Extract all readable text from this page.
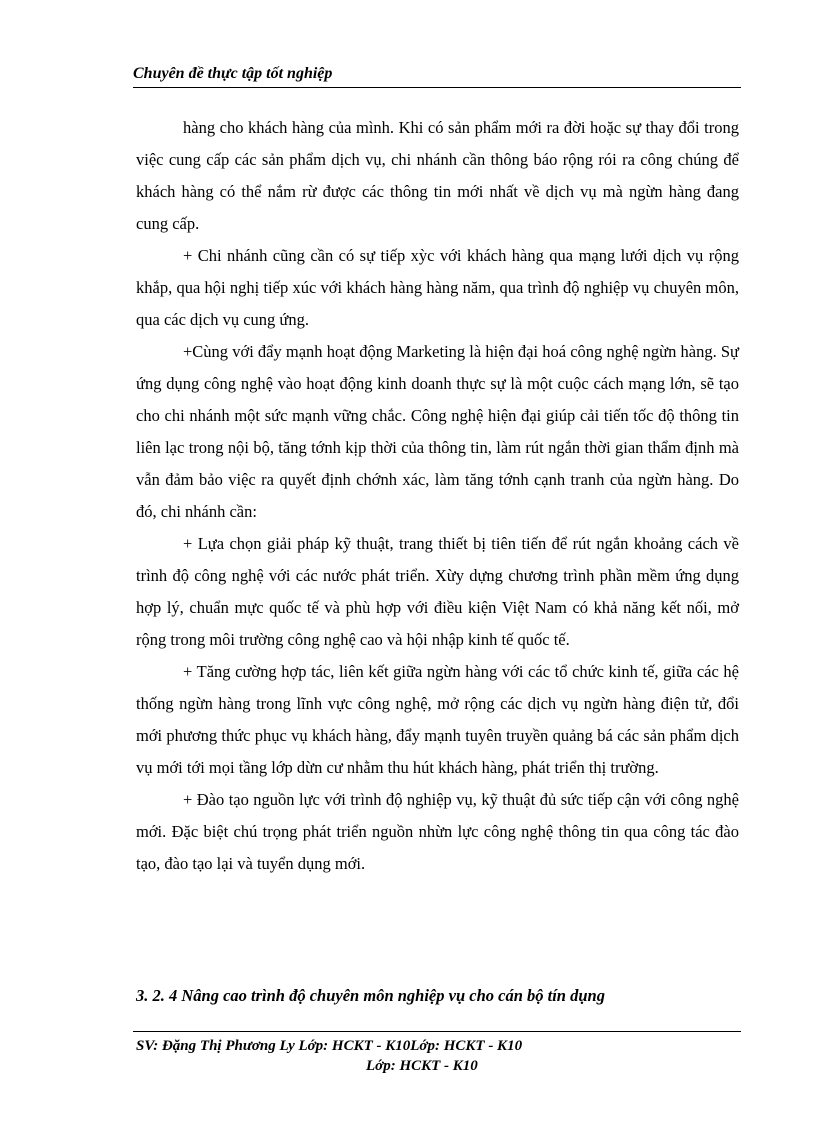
Chuyên đề thực tập tốt nghiệp

hàng cho khách hàng của mình. Khi có sản phẩm mới ra đời hoặc sự thay đổi trong việc cung cấp các sản phẩm dịch vụ, chi nhánh cần thông báo rộng rói ra công chúng để khách hàng có thể nắm rừ được các thông tin mới nhất về dịch vụ mà ngừn hàng đang cung cấp.

+ Chi nhánh cũng cần có sự tiếp xỳc với khách hàng qua mạng lưới dịch vụ rộng khắp, qua hội nghị tiếp xúc với khách hàng hàng năm, qua trình độ nghiệp vụ chuyên môn, qua các dịch vụ cung ứng.

+Cùng với đẩy mạnh hoạt động Marketing là hiện đại hoá công nghệ ngừn hàng. Sự ứng dụng công nghệ vào hoạt động kinh doanh thực sự là một cuộc cách mạng lớn, sẽ tạo cho chi nhánh một sức mạnh vững chắc. Công nghệ hiện đại giúp cải tiến tốc độ thông tin liên lạc trong nội bộ, tăng tớnh kịp thời của thông tin, làm rút ngắn thời gian thẩm định mà vẫn đảm bảo việc ra quyết định chớnh xác, làm tăng tớnh cạnh tranh của ngừn hàng. Do đó, chi nhánh cần:

+ Lựa chọn giải pháp kỹ thuật, trang thiết bị tiên tiến để rút ngắn khoảng cách về trình độ công nghệ với các nước phát triển. Xừy dựng chương trình phần mềm ứng dụng hợp lý, chuẩn mực quốc tế và phù hợp với điều kiện Việt Nam có khả năng kết nối, mở rộng trong môi trường công nghệ cao và hội nhập kinh tế quốc tế.

+ Tăng cường hợp tác, liên kết giữa ngừn hàng với các tổ chức kinh tế, giữa các hệ thống ngừn hàng trong lĩnh vực công nghệ, mở rộng các dịch vụ ngừn hàng điện tử, đổi mới phương thức phục vụ khách hàng, đẩy mạnh tuyên truyền quảng bá các sản phẩm dịch vụ mới tới mọi tầng lớp dừn cư nhằm thu hút khách hàng, phát triển thị trường.

+ Đào tạo nguồn lực với trình độ nghiệp vụ, kỹ thuật đủ sức tiếp cận với công nghệ mới. Đặc biệt chú trọng phát triển nguồn nhừn lực công nghệ thông tin qua công tác đào tạo, đào tạo lại và tuyển dụng mới.

3. 2. 4 Nâng cao trình độ chuyên môn nghiệp vụ cho cán bộ tín dụng
SV: Đặng Thị Phương Ly Lớp: HCKT - K10Lớp: HCKT - K10
Lớp: HCKT - K10
